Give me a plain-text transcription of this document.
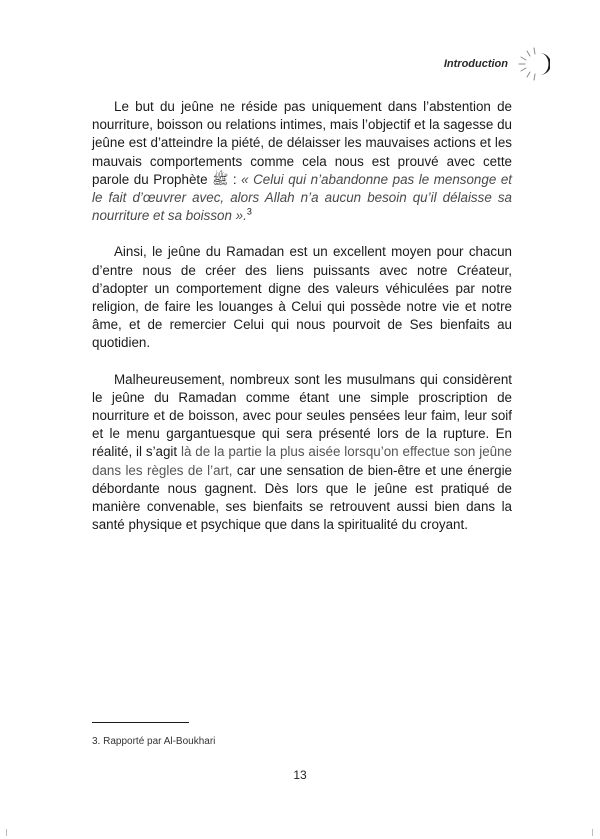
Introduction

Le but du jeûne ne réside pas uniquement dans l’abstention de nourriture, boisson ou relations intimes, mais l’objectif et la sagesse du jeûne est d’atteindre la piété, de délaisser les mauvaises actions et les mauvais comportements comme cela nous est prouvé avec cette parole du Prophète ﷺ : « Celui qui n’abandonne pas le mensonge et le fait d’œuvrer avec, alors Allah n’a aucun besoin qu’il délaisse sa nourriture et sa boisson ».$^3$

Ainsi, le jeûne du Ramadan est un excellent moyen pour chacun d’entre nous de créer des liens puissants avec notre Créateur, d’adopter un comportement digne des valeurs véhiculées par notre religion, de faire les louanges à Celui qui possède notre vie et notre âme, et de remercier Celui qui nous pourvoit de Ses bienfaits au quotidien.

Malheureusement, nombreux sont les musulmans qui considèrent le jeûne du Ramadan comme étant une simple proscription de nourriture et de boisson, avec pour seules pensées leur faim, leur soif et le menu gargantuesque qui sera présenté lors de la rupture. En réalité, il s’agit là de la partie la plus aisée lorsqu’on effectue son jeûne dans les règles de l’art, car une sensation de bien-être et une énergie débordante nous gagnent. Dès lors que le jeûne est pratiqué de manière convenable, ses bienfaits se retrouvent aussi bien dans la santé physique et psychique que dans la spiritualité du croyant.

3. Rapporté par Al-Boukhari
13
